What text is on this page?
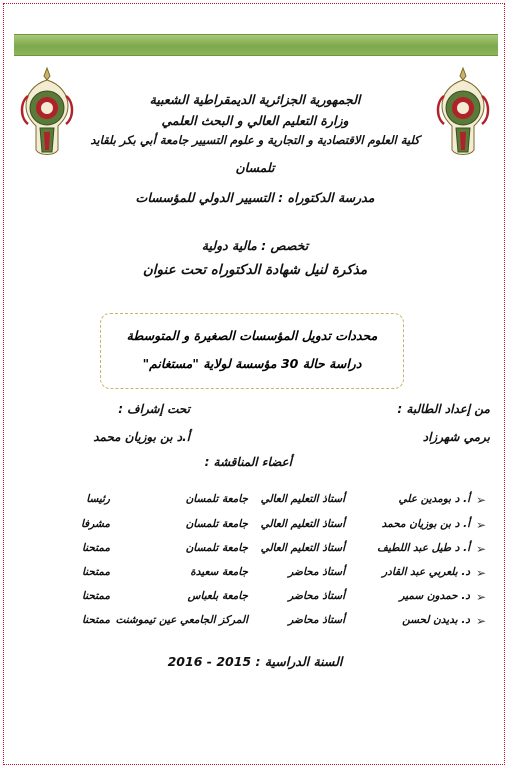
الجمهورية الجزائرية الديمقراطية الشعبية
وزارة التعليم العالي و البحث العلمي
كلية العلوم الاقتصادية و التجارية و علوم التسيير جامعة أبي بكر بلقايد
تلمسان
مدرسة الدكتوراه : التسيير الدولي للمؤسسات
تخصص : مالية دولية
مذكرة لنيل شهادة الدكتوراه تحت عنوان
محددات تدويل المؤسسات الصغيرة و المتوسطة
دراسة حالة 30 مؤسسة لولاية "مستغانم"
من إعداد الطالبة :
تحت إشراف :
برمي شهرزاد
أ.د بن بوزيان محمد
أعضاء المناقشة :
➢
أ. د بومدين علي
أستاذ التعليم العالي
جامعة تلمسان
رئيسا
➢
أ. د بن بوزيان محمد
أستاذ التعليم العالي
جامعة تلمسان
مشرفا
➢
أ. د طيل عبد اللطيف
أستاذ التعليم العالي
جامعة تلمسان
ممتحنا
➢
د. بلعربي عبد القادر
أستاذ محاضر
جامعة سعيدة
ممتحنا
➢
د. حمدون سمير
أستاذ محاضر
جامعة بلعباس
ممتحنا
➢
د. بديدن لحسن
أستاذ محاضر
المركز الجامعي عين تيموشنت
ممتحنا
السنة الدراسية : 2015 - 2016
